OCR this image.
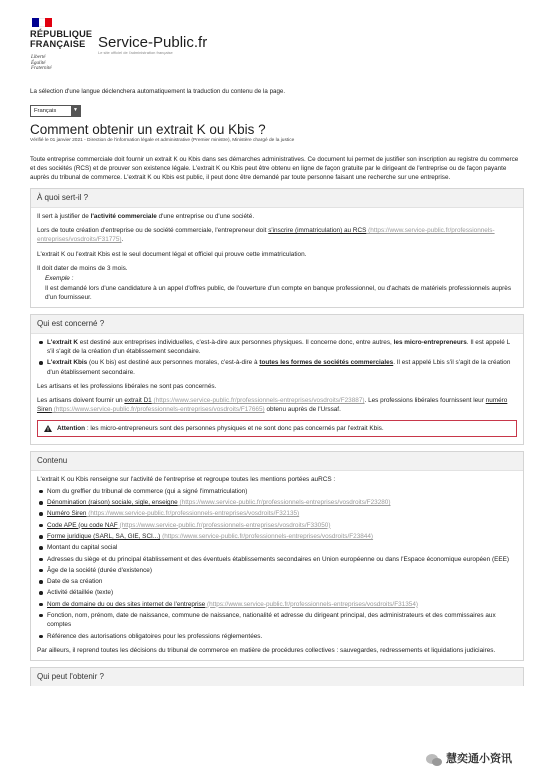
RÉPUBLIQUE
FRANÇAISE
Liberté
Égalité
Fraternité
Service-Public.fr
Le site officiel de l'administration française

La sélection d'une langue déclenchera automatiquement la traduction du contenu de la page.

Français	▼
Comment obtenir un extrait K ou Kbis ?

Vérifié le 01 janvier 2021 - Direction de l'information légale et administrative (Premier ministre), Ministère chargé de la justice

Toute entreprise commerciale doit fournir un extrait K ou Kbis dans ses démarches administratives. Ce document lui permet de justifier son inscription au registre du commerce et des sociétés (RCS) et de prouver son existence légale. L'extrait K ou Kbis peut être obtenu en ligne de façon gratuite par le dirigeant de l'entreprise ou de façon payante auprès du tribunal de commerce. L'extrait K ou Kbis est public, il peut donc être demandé par toute personne faisant une recherche sur une entreprise.

À quoi sert-il ?

Il sert à justifier de l'activité commerciale d'une entreprise ou d'une société.

Lors de toute création d'entreprise ou de société commerciale, l'entrepreneur doit s'inscrire (immatriculation) au RCS (https://www.service-public.fr/professionnels-entreprises/vosdroits/F31775).

L'extrait K ou l'extrait Kbis est le seul document légal et officiel qui prouve cette immatriculation.

Il doit dater de moins de 3 mois.

Exemple :
Il est demandé lors d'une candidature à un appel d'offres public, de l'ouverture d'un compte en banque professionnel, ou d'achats de matériels professionnels auprès d'un fournisseur.
Qui est concerné ?
L'extrait K est destiné aux entreprises individuelles, c'est-à-dire aux personnes physiques. Il concerne donc, entre autres, les micro-entrepreneurs. Il est appelé L s'il s'agit de la création d'un établissement secondaire.
L'extrait Kbis (ou K bis) est destiné aux personnes morales, c'est-à-dire à toutes les formes de sociétés commerciales. Il est appelé Lbis s'il s'agit de la création d'un établissement secondaire.

Les artisans et les professions libérales ne sont pas concernés.

Les artisans doivent fournir un extrait D1 (https://www.service-public.fr/professionnels-entreprises/vosdroits/F23887). Les professions libérales fournissent leur numéro Siren (https://www.service-public.fr/professionnels-entreprises/vosdroits/F17665) obtenu auprès de l'Urssaf.

Attention : les micro-entrepreneurs sont des personnes physiques et ne sont donc pas concernés par l'extrait Kbis.
Contenu

L'extrait K ou Kbis renseigne sur l'activité de l'entreprise et regroupe toutes les mentions portées auRCS :

Nom du greffier du tribunal de commerce (qui a signé l'immatriculation)
Dénomination (raison) sociale, sigle, enseigne (https://www.service-public.fr/professionnels-entreprises/vosdroits/F23280)
Numéro Siren (https://www.service-public.fr/professionnels-entreprises/vosdroits/F32135)
Code APE (ou code NAF (https://www.service-public.fr/professionnels-entreprises/vosdroits/F33050)
Forme juridique (SARL, SA, GIE, SCI...) (https://www.service-public.fr/professionnels-entreprises/vosdroits/F23844)
Montant du capital social
Adresses du siège et du principal établissement et des éventuels établissements secondaires en Union européenne ou dans l'Espace économique européen (EEE)
Âge de la société (durée d'existence)
Date de sa création
Activité détaillée (texte)
Nom de domaine du ou des sites internet de l'entreprise (https://www.service-public.fr/professionnels-entreprises/vosdroits/F31354)
Fonction, nom, prénom, date de naissance, commune de naissance, nationalité et adresse du dirigeant principal, des administrateurs et des commissaires aux comptes
Référence des autorisations obligatoires pour les professions réglementées.

Par ailleurs, il reprend toutes les décisions du tribunal de commerce en matière de procédures collectives : sauvegardes, redressements et liquidations judiciaires.

Qui peut l'obtenir ?
慧奕通小资讯
